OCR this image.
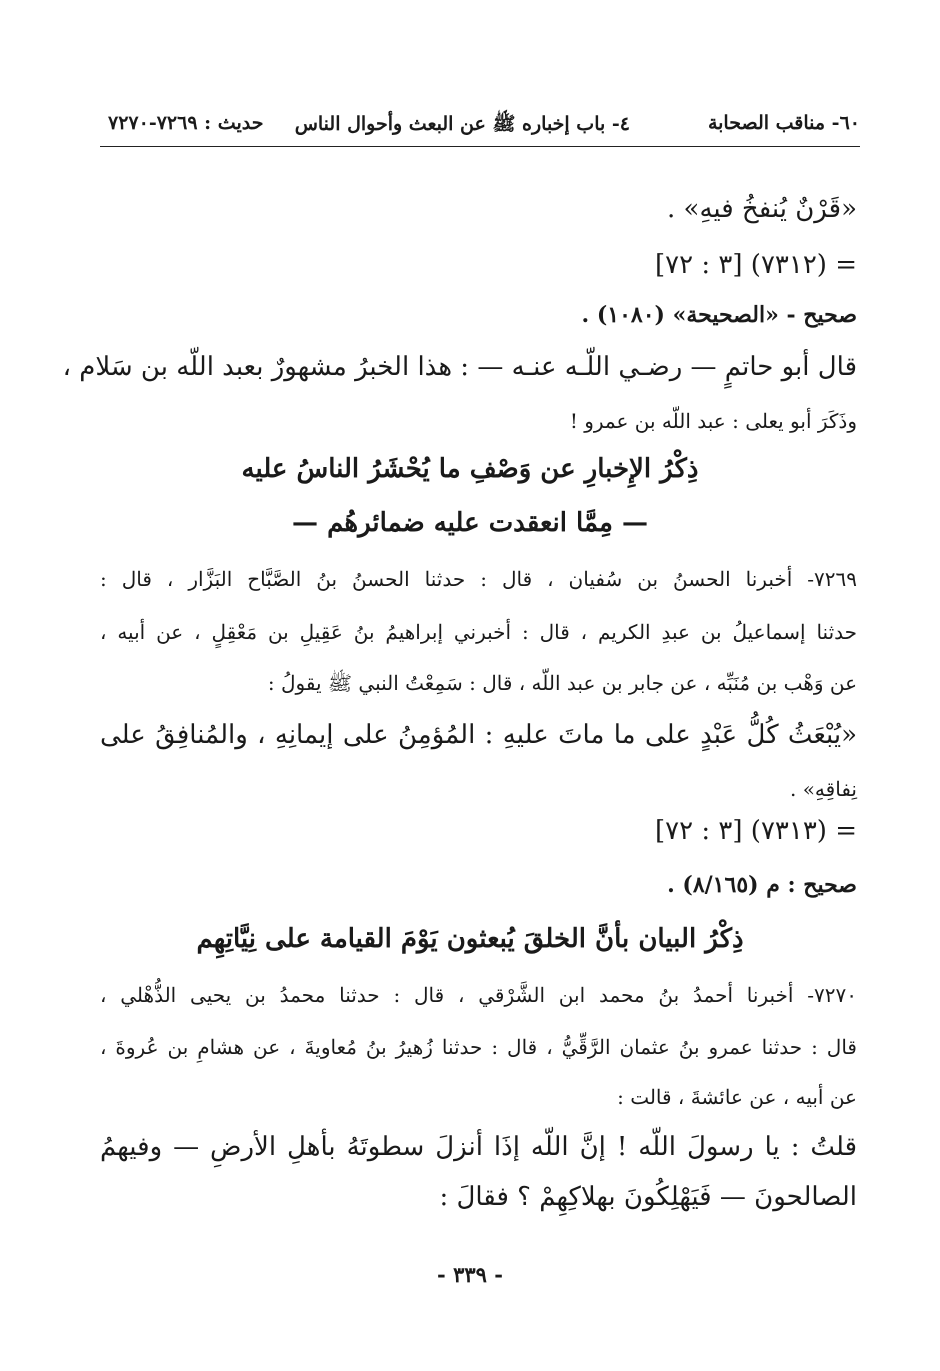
٦٠- مناقب الصحابة
٤- باب إخباره ﷺ عن البعث وأحوال الناس
حديث : ٧٢٦٩-٧٢٧٠
«قَرْنٌ يُنفخُ فيهِ» .
= (٧٣١٢) [٣ : ٧٢]
صحيح - «الصحيحة» (١٠٨٠) .
قال أبو حاتمٍ — رضـي اللّـه عنـه — : هذا الخبرُ مشهورٌ بعبد اللّه بن سَلام ،
وذَكَرَ أبو يعلى : عبد اللّه بن عمرو !
ذِكْرُ الإِخبارِ عن وَصْفِ ما يُحْشَرُ الناسُ عليه
— مِمَّا انعقدت عليه ضمائرهُم —
٧٢٦٩- أخبرنا الحسنُ بن سُفيان ، قال : حدثنا الحسنُ بنُ الصَّبَّاح البَزَّار ، قال :
حدثنا إسماعيلُ بن عبدِ الكريم ، قال : أخبرني إبراهيمُ بنُ عَقِيلِ بن مَعْقِلٍ ، عن أبيه ،
عن وَهْب بن مُنَبِّه ، عن جابر بن عبد اللّه ، قال : سَمِعْتُ النبي ﷺ يقولُ :
«يُبْعَثُ كُلُّ عَبْدٍ على ما ماتَ عليهِ : المُؤمِنُ على إيمانِهِ ، والمُنافِقُ على
نِفاقِهِ» .
= (٧٣١٣) [٣ : ٧٢]
صحيح : م (٨/١٦٥) .
ذِكْرُ البيان بأنَّ الخلقَ يُبعثون يَوْمَ القيامة على نِيَّاتِهِم
٧٢٧٠- أخبرنا أحمدُ بنُ محمد ابن الشَّرْقي ، قال : حدثنا محمدُ بن يحيى الذُّهْلي ،
قال : حدثنا عمرو بنُ عثمان الرَّقِّيُّ ، قال : حدثنا زُهيرُ بنُ مُعاويةَ ، عن هشامِ بن عُروةَ ،
عن أبيه ، عن عائشةَ ، قالت :
قلتُ : يا رسولَ اللّه ! إنَّ اللّه إذَا أنزلَ سطوتَهُ بأهلِ الأرضِ — وفيهمُ
الصالحونَ — فَيَهْلِكُونَ بهلاكِهِمْ ؟ فقالَ :
- ٣٣٩ -
